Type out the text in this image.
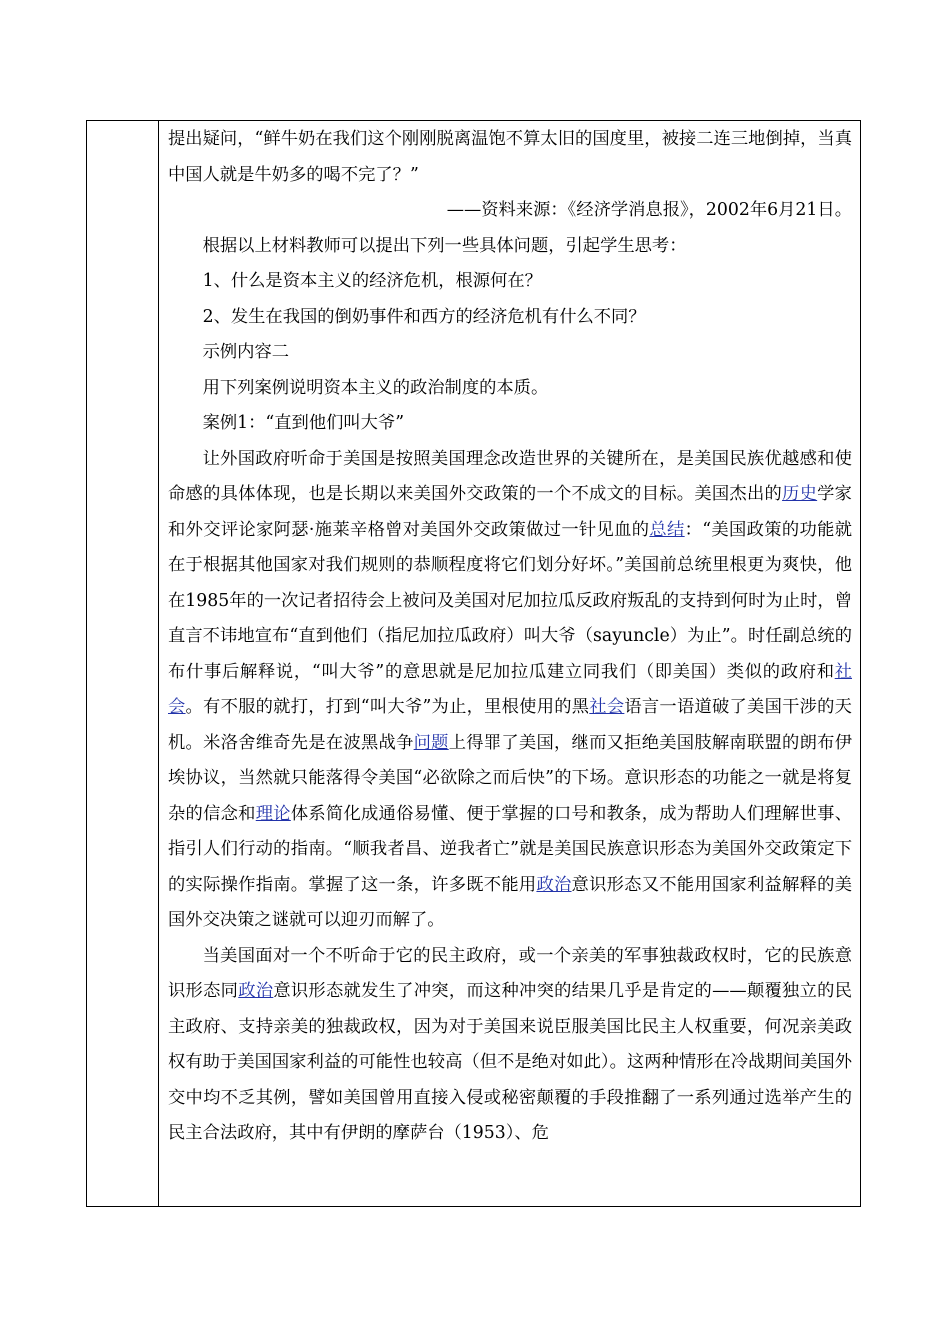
提出疑问，“鲜牛奶在我们这个刚刚脱离温饱不算太旧的国度里，被接二连三地倒掉，当真中国人就是牛奶多的喝不完了？”

——资料来源：《经济学消息报》，2002年6月21日。

根据以上材料教师可以提出下列一些具体问题，引起学生思考：

1、什么是资本主义的经济危机，根源何在？

2、发生在我国的倒奶事件和西方的经济危机有什么不同？

示例内容二

用下列案例说明资本主义的政治制度的本质。

案例1：“直到他们叫大爷”

让外国政府听命于美国是按照美国理念改造世界的关键所在，是美国民族优越感和使命感的具体体现，也是长期以来美国外交政策的一个不成文的目标。美国杰出的历史学家和外交评论家阿瑟·施莱辛格曾对美国外交政策做过一针见血的总结：“美国政策的功能就在于根据其他国家对我们规则的恭顺程度将它们划分好坏。”美国前总统里根更为爽快，他在1985年的一次记者招待会上被问及美国对尼加拉瓜反政府叛乱的支持到何时为止时，曾直言不讳地宣布“直到他们（指尼加拉瓜政府）叫大爷（sayuncle）为止”。时任副总统的布什事后解释说，“叫大爷”的意思就是尼加拉瓜建立同我们（即美国）类似的政府和社会。有不服的就打，打到“叫大爷”为止，里根使用的黑社会语言一语道破了美国干涉的天机。米洛舍维奇先是在波黑战争问题上得罪了美国，继而又拒绝美国肢解南联盟的朗布伊埃协议，当然就只能落得令美国“必欲除之而后快”的下场。意识形态的功能之一就是将复杂的信念和理论体系简化成通俗易懂、便于掌握的口号和教条，成为帮助人们理解世事、指引人们行动的指南。“顺我者昌、逆我者亡”就是美国民族意识形态为美国外交政策定下的实际操作指南。掌握了这一条，许多既不能用政治意识形态又不能用国家利益解释的美国外交决策之谜就可以迎刃而解了。

当美国面对一个不听命于它的民主政府，或一个亲美的军事独裁政权时，它的民族意识形态同政治意识形态就发生了冲突，而这种冲突的结果几乎是肯定的——颠覆独立的民主政府、支持亲美的独裁政权，因为对于美国来说臣服美国比民主人权重要，何况亲美政权有助于美国国家利益的可能性也较高（但不是绝对如此）。这两种情形在冷战期间美国外交中均不乏其例，譬如美国曾用直接入侵或秘密颠覆的手段推翻了一系列通过选举产生的民主合法政府，其中有伊朗的摩萨台（1953）、危
